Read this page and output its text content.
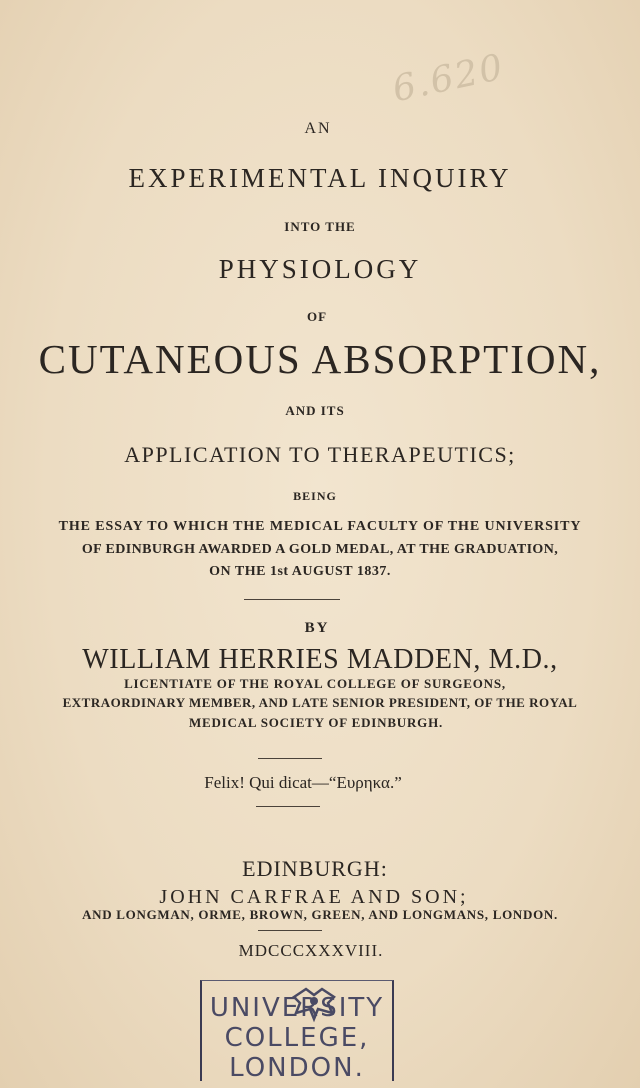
6.620
AN
EXPERIMENTAL INQUIRY
INTO THE
PHYSIOLOGY
OF
CUTANEOUS ABSORPTION,
AND ITS
APPLICATION TO THERAPEUTICS;
BEING
THE ESSAY TO WHICH THE MEDICAL FACULTY OF THE UNIVERSITY
OF EDINBURGH AWARDED A GOLD MEDAL, AT THE GRADUATION,
ON THE 1st AUGUST 1837.
BY
WILLIAM HERRIES MADDEN, M.D.,
LICENTIATE OF THE ROYAL COLLEGE OF SURGEONS,
EXTRAORDINARY MEMBER, AND LATE SENIOR PRESIDENT, OF THE ROYAL
MEDICAL SOCIETY OF EDINBURGH.
Felix! Qui dicat—“Ευρηκα.”
EDINBURGH:
JOHN CARFRAE AND SON;
AND LONGMAN, ORME, BROWN, GREEN, AND LONGMANS, LONDON.
MDCCCXXXVIII.
UNIVERSITY
COLLEGE,
LONDON.
